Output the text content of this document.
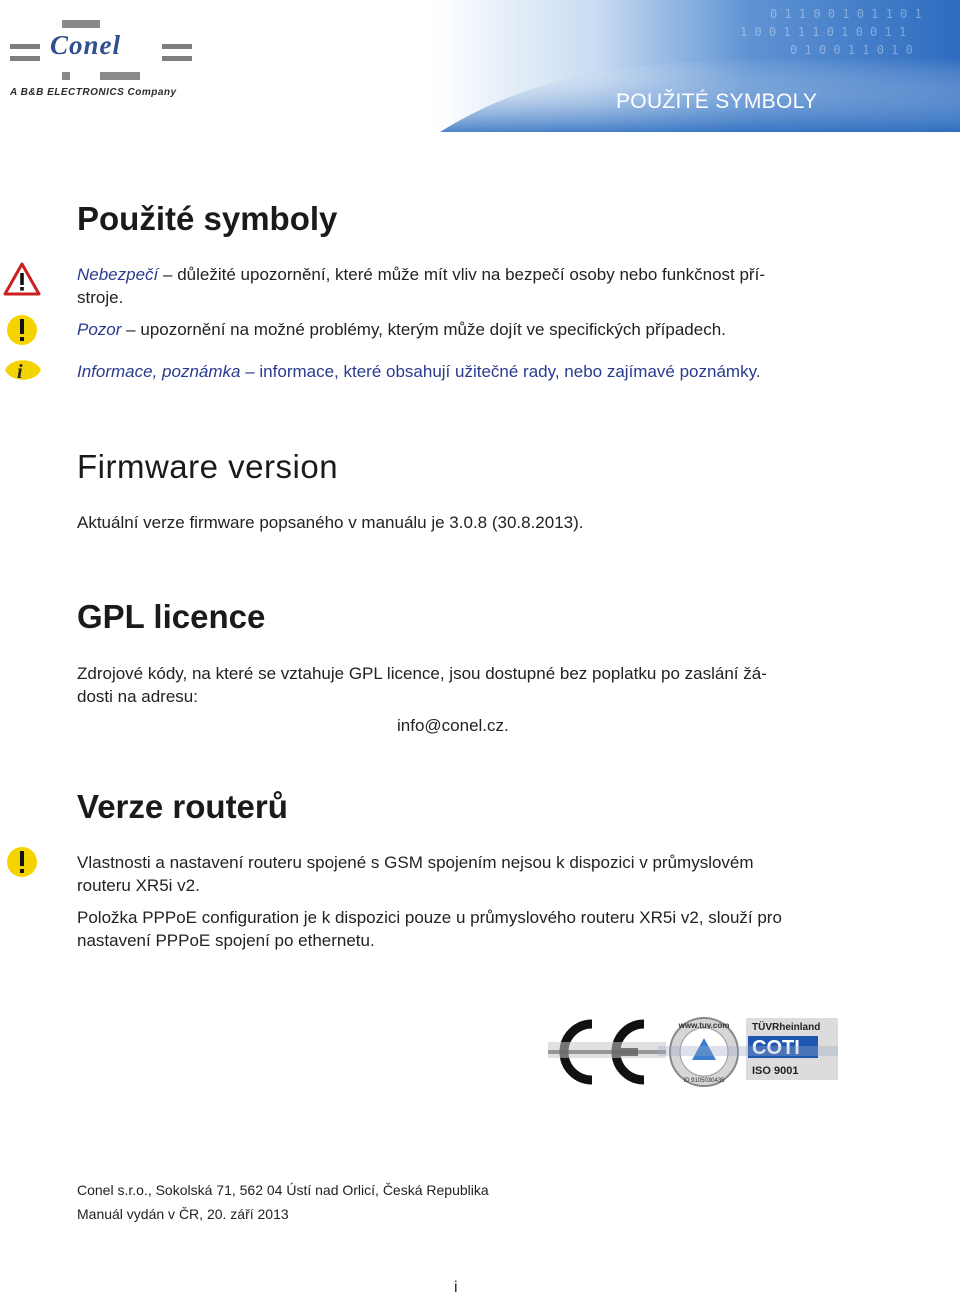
0 1 1 0 0 1 0 1 1 0 1
1 0 0 1 1 1 0 1 0 0 1 1
0 1 0 0 1 1 0 1 0
Conel
A B&B ELECTRONICS Company	POUŽITÉ SYMBOLY
Použité symboly
Nebezpečí – důležité upozornění, které může mít vliv na bezpečí osoby nebo funkčnost pří-
stroje.
Pozor – upozornění na možné problémy, kterým může dojít ve specifických případech.
i	Informace, poznámka – informace, které obsahují užitečné rady, nebo zajímavé poznámky.
Firmware version
Aktuální verze firmware popsaného v manuálu je 3.0.8 (30.8.2013).
GPL licence
Zdrojové kódy, na které se vztahuje GPL licence, jsou dostupné bez poplatku po zaslání žá-
dosti na adresu:
info@conel.cz.
Verze routerů
Vlastnosti a nastavení routeru spojené s GSM spojením nejsou k dispozici v průmyslovém
routeru XR5i v2.
Položka PPPoE configuration je k dispozici pouze u průmyslového routeru XR5i v2, slouží pro
nastavení PPPoE spojení po ethernetu.
www.tuv.com
ID 9105030435
TÜVRheinland
COTI
ISO 9001
Conel s.r.o., Sokolská 71, 562 04 Ústí nad Orlicí, Česká Republika
Manuál vydán v ČR, 20. září 2013
i
